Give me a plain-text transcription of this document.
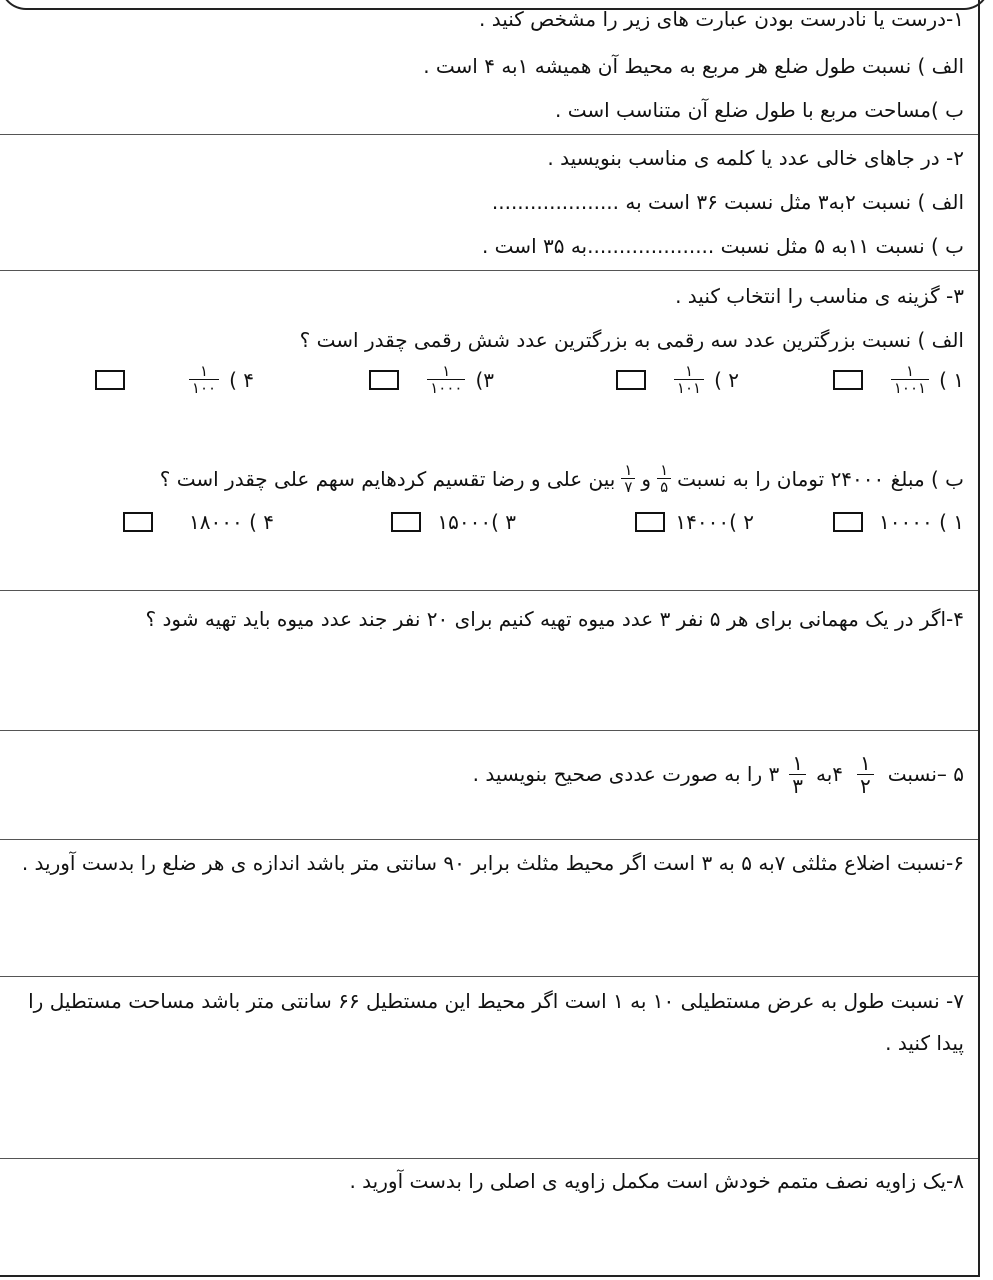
۱-درست یا نادرست بودن عبارت های زیر را مشخص کنید .
الف ) نسبت طول ضلع هر مربع به محیط آن همیشه ۱به ۴ است .
ب )مساحت مربع با طول ضلع آن متناسب است .
۲- در جاهای خالی عدد یا کلمه ی مناسب بنویسید .
الف ) نسبت ۲به۳ مثل نسبت ۳۶ است به ....................
ب ) نسبت ۱۱به ۵ مثل نسبت ....................به ۳۵ است .
۳- گزینه ی مناسب را انتخاب کنید .
الف ) نسبت بزرگترین عدد سه رقمی به بزرگترین عدد شش رقمی چقدر است ؟
۱ )
$\frac{۱}{۱۰۰۱}$
۲ )
$\frac{۱}{۱۰۱}$
۳)
$\frac{۱}{۱۰۰۰}$
۴ )
$\frac{۱}{۱۰۰}$
ب ) مبلغ ۲۴۰۰۰ تومان را به نسبت
$\frac{۱}{۵}$
و
$\frac{۱}{۷}$
بین علی و رضا تقسیم کردهایم سهم علی چقدر است ؟
۱ ) ۱۰۰۰۰
۲ )۱۴۰۰۰
۳ )۱۵۰۰۰
۴ ) ۱۸۰۰۰
۴-اگر در یک مهمانی برای هر ۵ نفر ۳ عدد میوه تهیه کنیم برای ۲۰ نفر جند عدد میوه باید تهیه شود ؟
۵ –نسبت
$\frac{۱}{۲}$
۴به
$\frac{۱}{۳}$
۳ را به صورت عددی صحیح بنویسید .
۶-نسبت اضلاع مثلثی ۷به ۵ به ۳ است اگر محیط مثلث برابر ۹۰ سانتی متر باشد اندازه ی هر ضلع را بدست آورید .
۷- نسبت طول به عرض مستطیلی ۱۰ به ۱ است اگر محیط این مستطیل ۶۶ سانتی متر باشد مساحت مستطیل را پیدا کنید .
۸-یک زاویه نصف متمم خودش است مکمل زاویه ی اصلی را بدست آورید .
